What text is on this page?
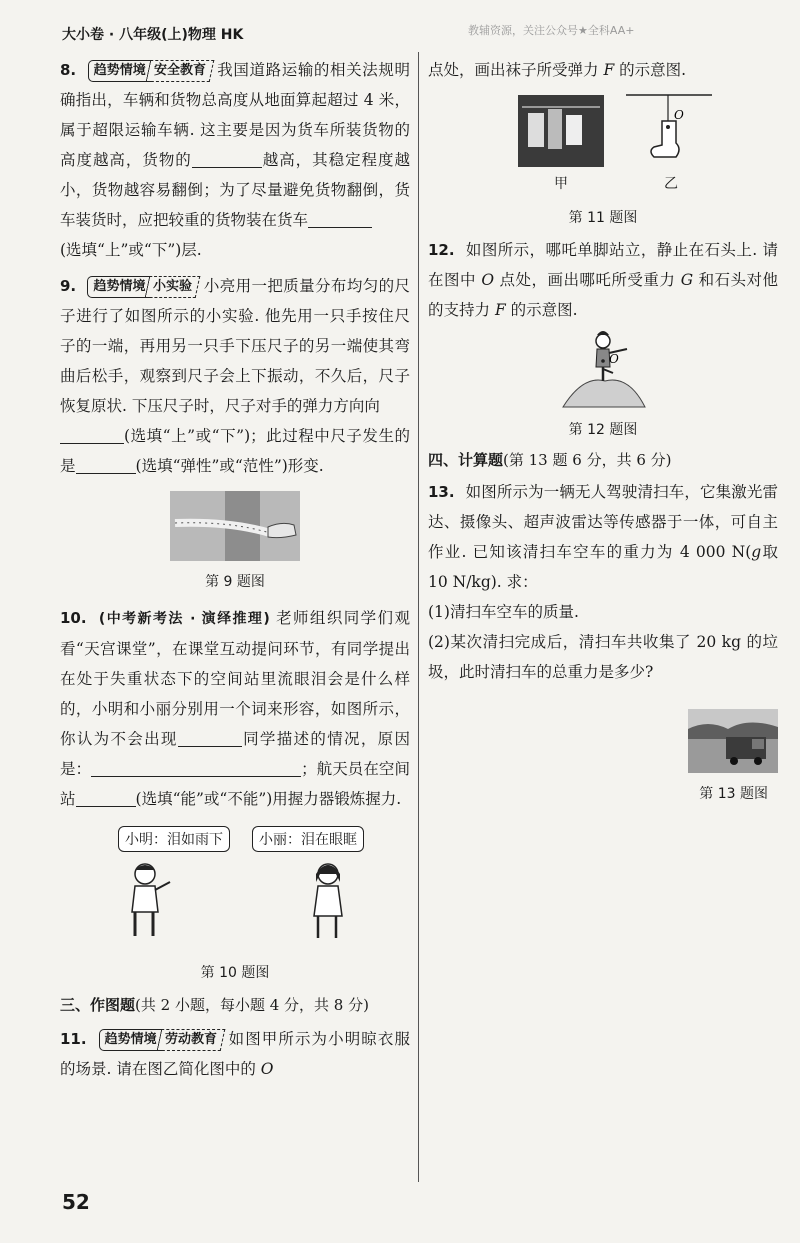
大小卷 · 八年级(上)物理 HK	教辅资源，关注公众号★全科AA+
8.	趋势情境 安全教育 我国道路运输的相关法规明确指出，车辆和货物总高度从地面算起超过 4 米，属于超限运输车辆. 这主要是因为货车所装货物的高度越高，货物的	越高，其稳定程度越小，货物越容易翻倒；为了尽量避免货物翻倒，货车装货时，应把较重的货物装在货车
(选填“上”或“下”)层.
9.	趋势情境 小实验 小亮用一把质量分布均匀的尺子进行了如图所示的小实验. 他先用一只手按住尺子的一端，再用另一只手下压尺子的另一端使其弯曲后松手，观察到尺子会上下振动，不久后，尺子恢复原状. 下压尺子时，尺子对手的弹力方向向
(选填“上”或“下”)；此过程中尺子发生的是	(选填“弹性”或“范性”)形变.
第 9 题图
10. (中考新考法 · 演绎推理) 老师组织同学们观看“天宫课堂”，在课堂互动提问环节，有同学提出在处于失重状态下的空间站里流眼泪会是什么样的，小明和小丽分别用一个词来形容，如图所示，你认为不会出现	同学描述的情况，原因是：	；航天员在空间站	(选填“能”或“不能”)用握力器锻炼握力.
小明：泪如雨下	小丽：泪在眼眶
第 10 题图
三、作图题(共 2 小题，每小题 4 分，共 8 分)
11.	趋势情境 劳动教育 如图甲所示为小明晾衣服的场景. 请在图乙简化图中的 O
点处，画出袜子所受弹力 F 的示意图.
O
甲	乙
第 11 题图
12. 如图所示，哪吒单脚站立，静止在石头上. 请在图中 O 点处，画出哪吒所受重力 G 和石头对他的支持力 F 的示意图.
O
第 12 题图
四、计算题(第 13 题 6 分，共 6 分)
13. 如图所示为一辆无人驾驶清扫车，它集激光雷达、摄像头、超声波雷达等传感器于一体，可自主作业. 已知该清扫车空车的重力为 4 000 N(g取 10 N/kg). 求：
(1)清扫车空车的质量.
(2)某次清扫完成后，清扫车共收集了 20 kg 的垃圾，此时清扫车的总重力是多少?
第 13 题图
52
